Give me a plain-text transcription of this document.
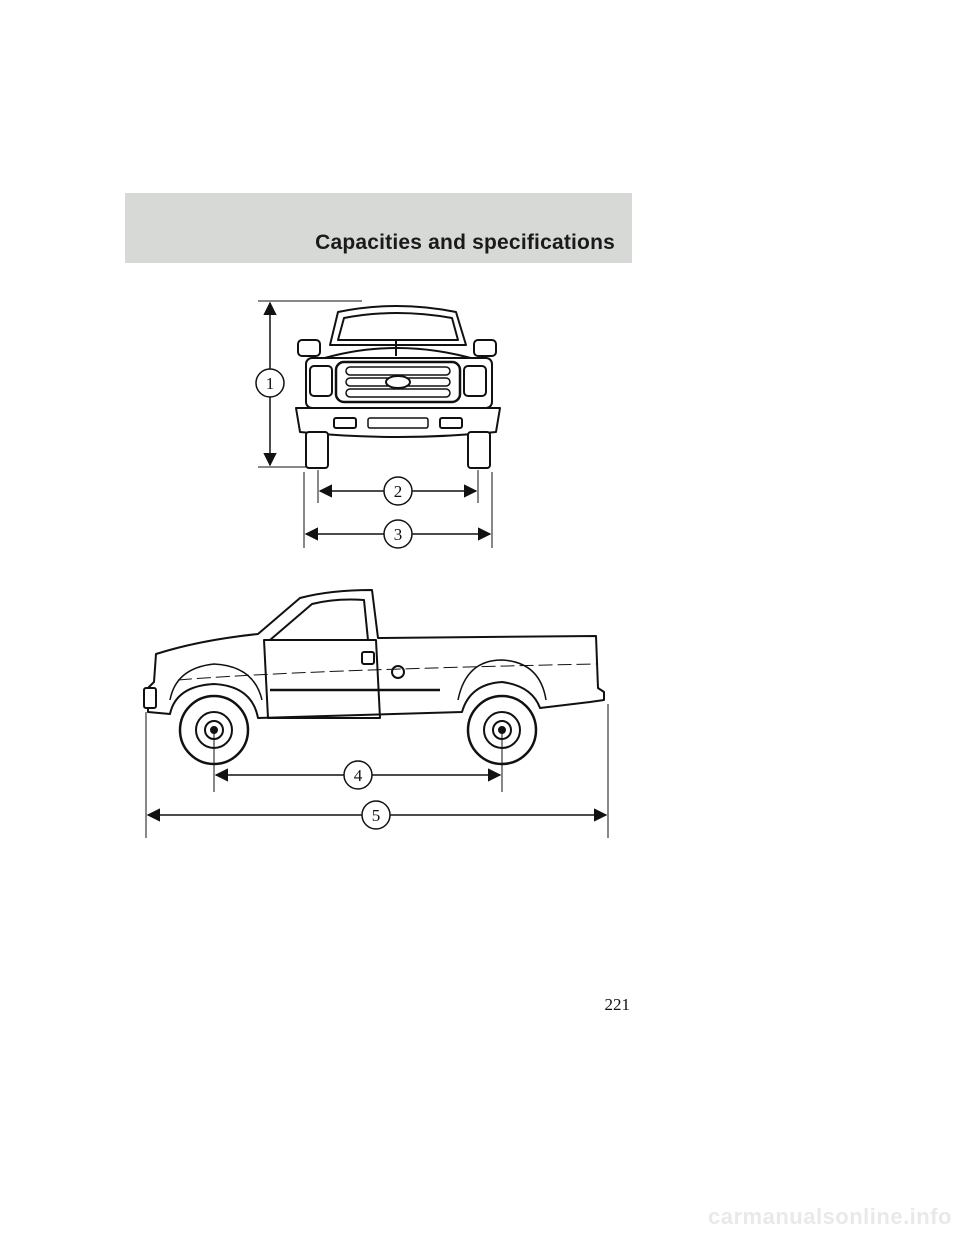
Capacities and specifications
1
2
3
4
5
221
carmanualsonline.info
